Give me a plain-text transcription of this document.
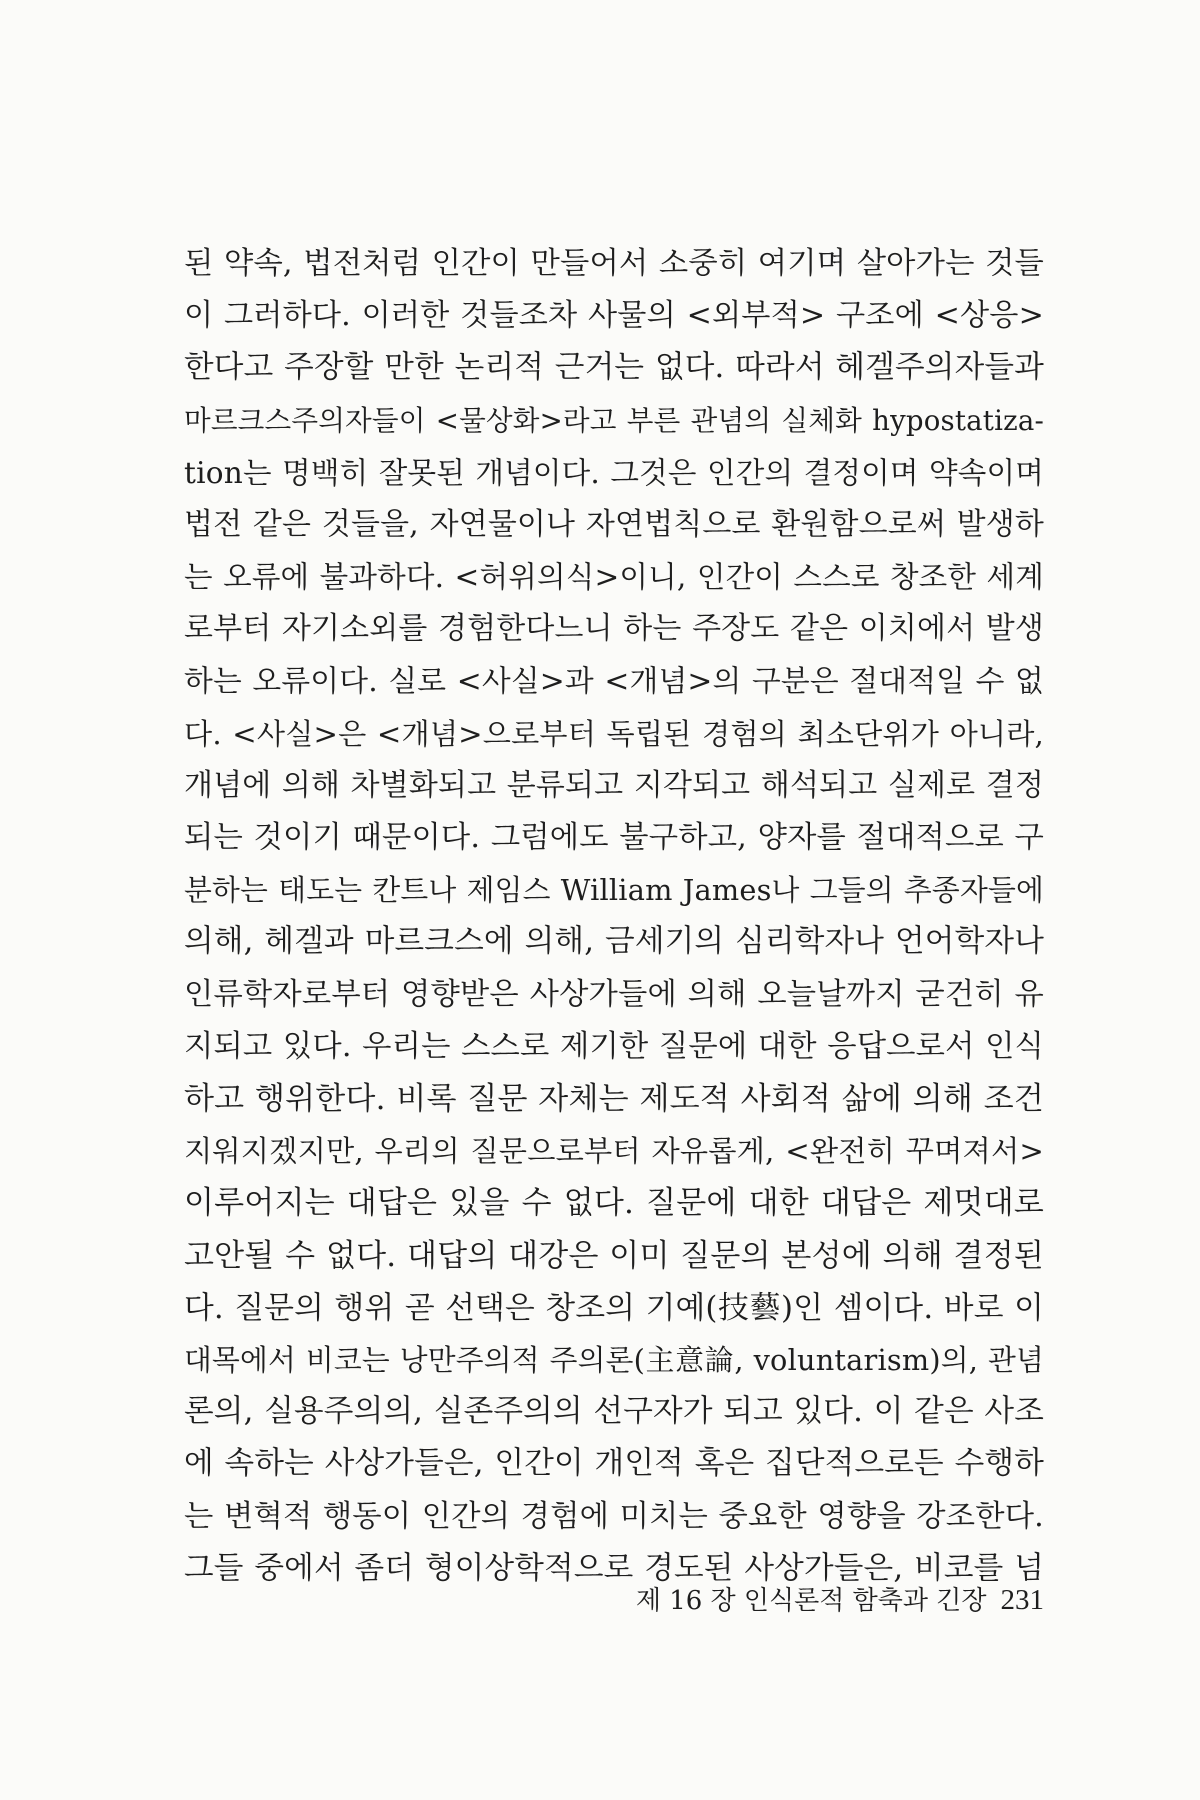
된 약속, 법전처럼 인간이 만들어서 소중히 여기며 살아가는 것들
이 그러하다. 이러한 것들조차 사물의 <외부적> 구조에 <상응>
한다고 주장할 만한 논리적 근거는 없다. 따라서 헤겔주의자들과
마르크스주의자들이 <물상화>라고 부른 관념의 실체화 hypostatiza-
tion는 명백히 잘못된 개념이다. 그것은 인간의 결정이며 약속이며
법전 같은 것들을, 자연물이나 자연법칙으로 환원함으로써 발생하
는 오류에 불과하다. <허위의식>이니, 인간이 스스로 창조한 세계
로부터 자기소외를 경험한다느니 하는 주장도 같은 이치에서 발생
하는 오류이다. 실로 <사실>과 <개념>의 구분은 절대적일 수 없
다. <사실>은 <개념>으로부터 독립된 경험의 최소단위가 아니라,
개념에 의해 차별화되고 분류되고 지각되고 해석되고 실제로 결정
되는 것이기 때문이다. 그럼에도 불구하고, 양자를 절대적으로 구
분하는 태도는 칸트나 제임스 William James나 그들의 추종자들에
의해, 헤겔과 마르크스에 의해, 금세기의 심리학자나 언어학자나
인류학자로부터 영향받은 사상가들에 의해 오늘날까지 굳건히 유
지되고 있다. 우리는 스스로 제기한 질문에 대한 응답으로서 인식
하고 행위한다. 비록 질문 자체는 제도적 사회적 삶에 의해 조건
지워지겠지만, 우리의 질문으로부터 자유롭게, <완전히 꾸며져서>
이루어지는 대답은 있을 수 없다. 질문에 대한 대답은 제멋대로
고안될 수 없다. 대답의 대강은 이미 질문의 본성에 의해 결정된
다. 질문의 행위 곧 선택은 창조의 기예(技藝)인 셈이다. 바로 이
대목에서 비코는 낭만주의적 주의론(主意論, voluntarism)의, 관념
론의, 실용주의의, 실존주의의 선구자가 되고 있다. 이 같은 사조
에 속하는 사상가들은, 인간이 개인적 혹은 집단적으로든 수행하
는 변혁적 행동이 인간의 경험에 미치는 중요한 영향을 강조한다.
그들 중에서 좀더 형이상학적으로 경도된 사상가들은, 비코를 넘
제 16 장 인식론적 함축과 긴장 231
